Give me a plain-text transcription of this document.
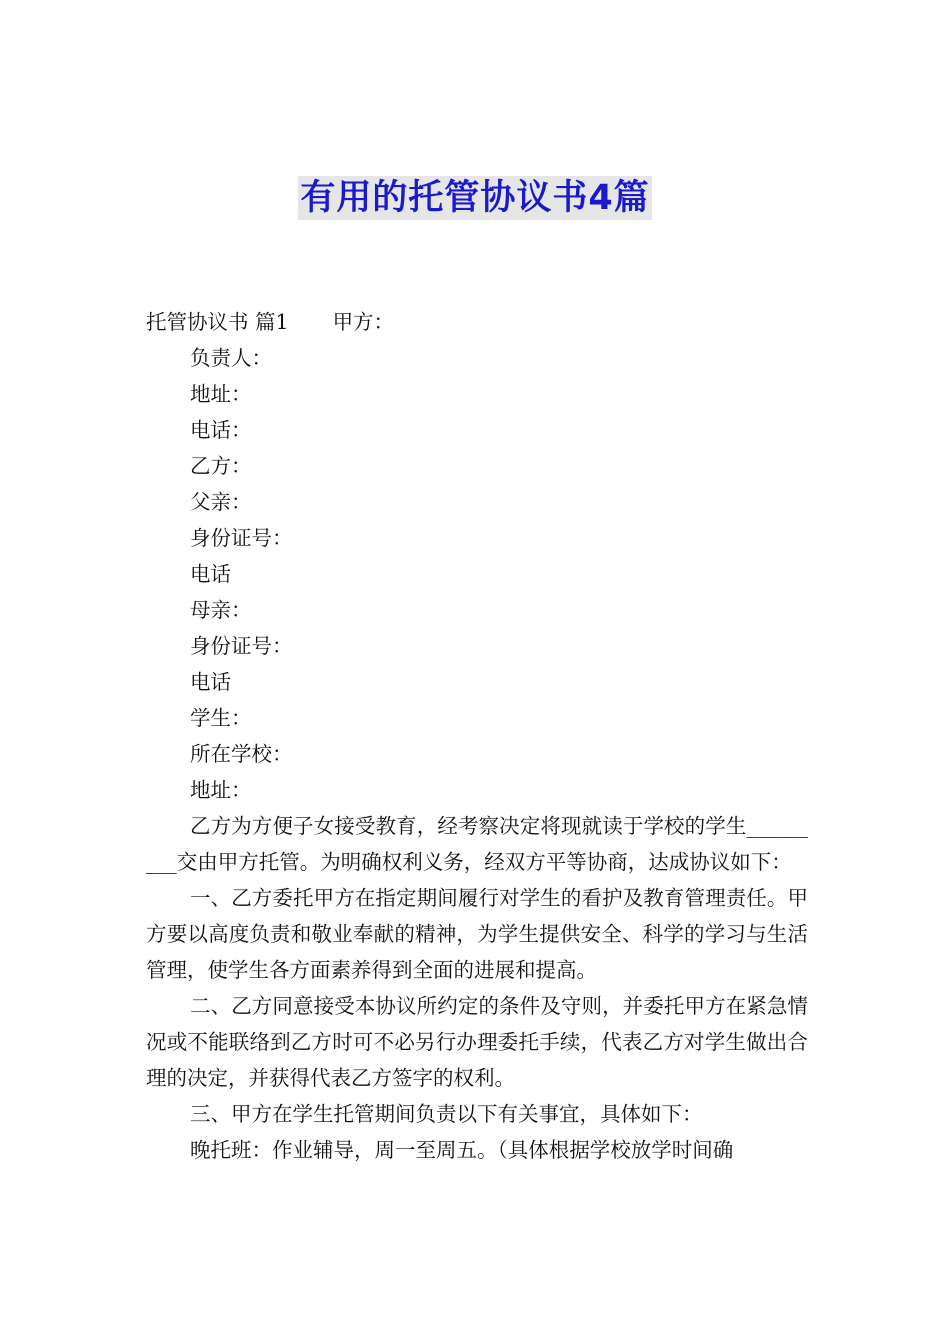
有用的托管协议书4篇
托管协议书 篇1 甲方：
负责人：
地址：
电话：
乙方：
父亲：
身份证号：
电话
母亲：
身份证号：
电话
学生：
所在学校：
地址：

乙方为方便子女接受教育，经考察决定将现就读于学校的学生_________交由甲方托管。为明确权利义务，经双方平等协商，达成协议如下：

一、乙方委托甲方在指定期间履行对学生的看护及教育管理责任。甲方要以高度负责和敬业奉献的精神，为学生提供安全、科学的学习与生活管理，使学生各方面素养得到全面的进展和提高。

二、乙方同意接受本协议所约定的条件及守则，并委托甲方在紧急情况或不能联络到乙方时可不必另行办理委托手续，代表乙方对学生做出合理的决定，并获得代表乙方签字的权利。

三、甲方在学生托管期间负责以下有关事宜，具体如下：

晚托班：作业辅导，周一至周五。（具体根据学校放学时间确
